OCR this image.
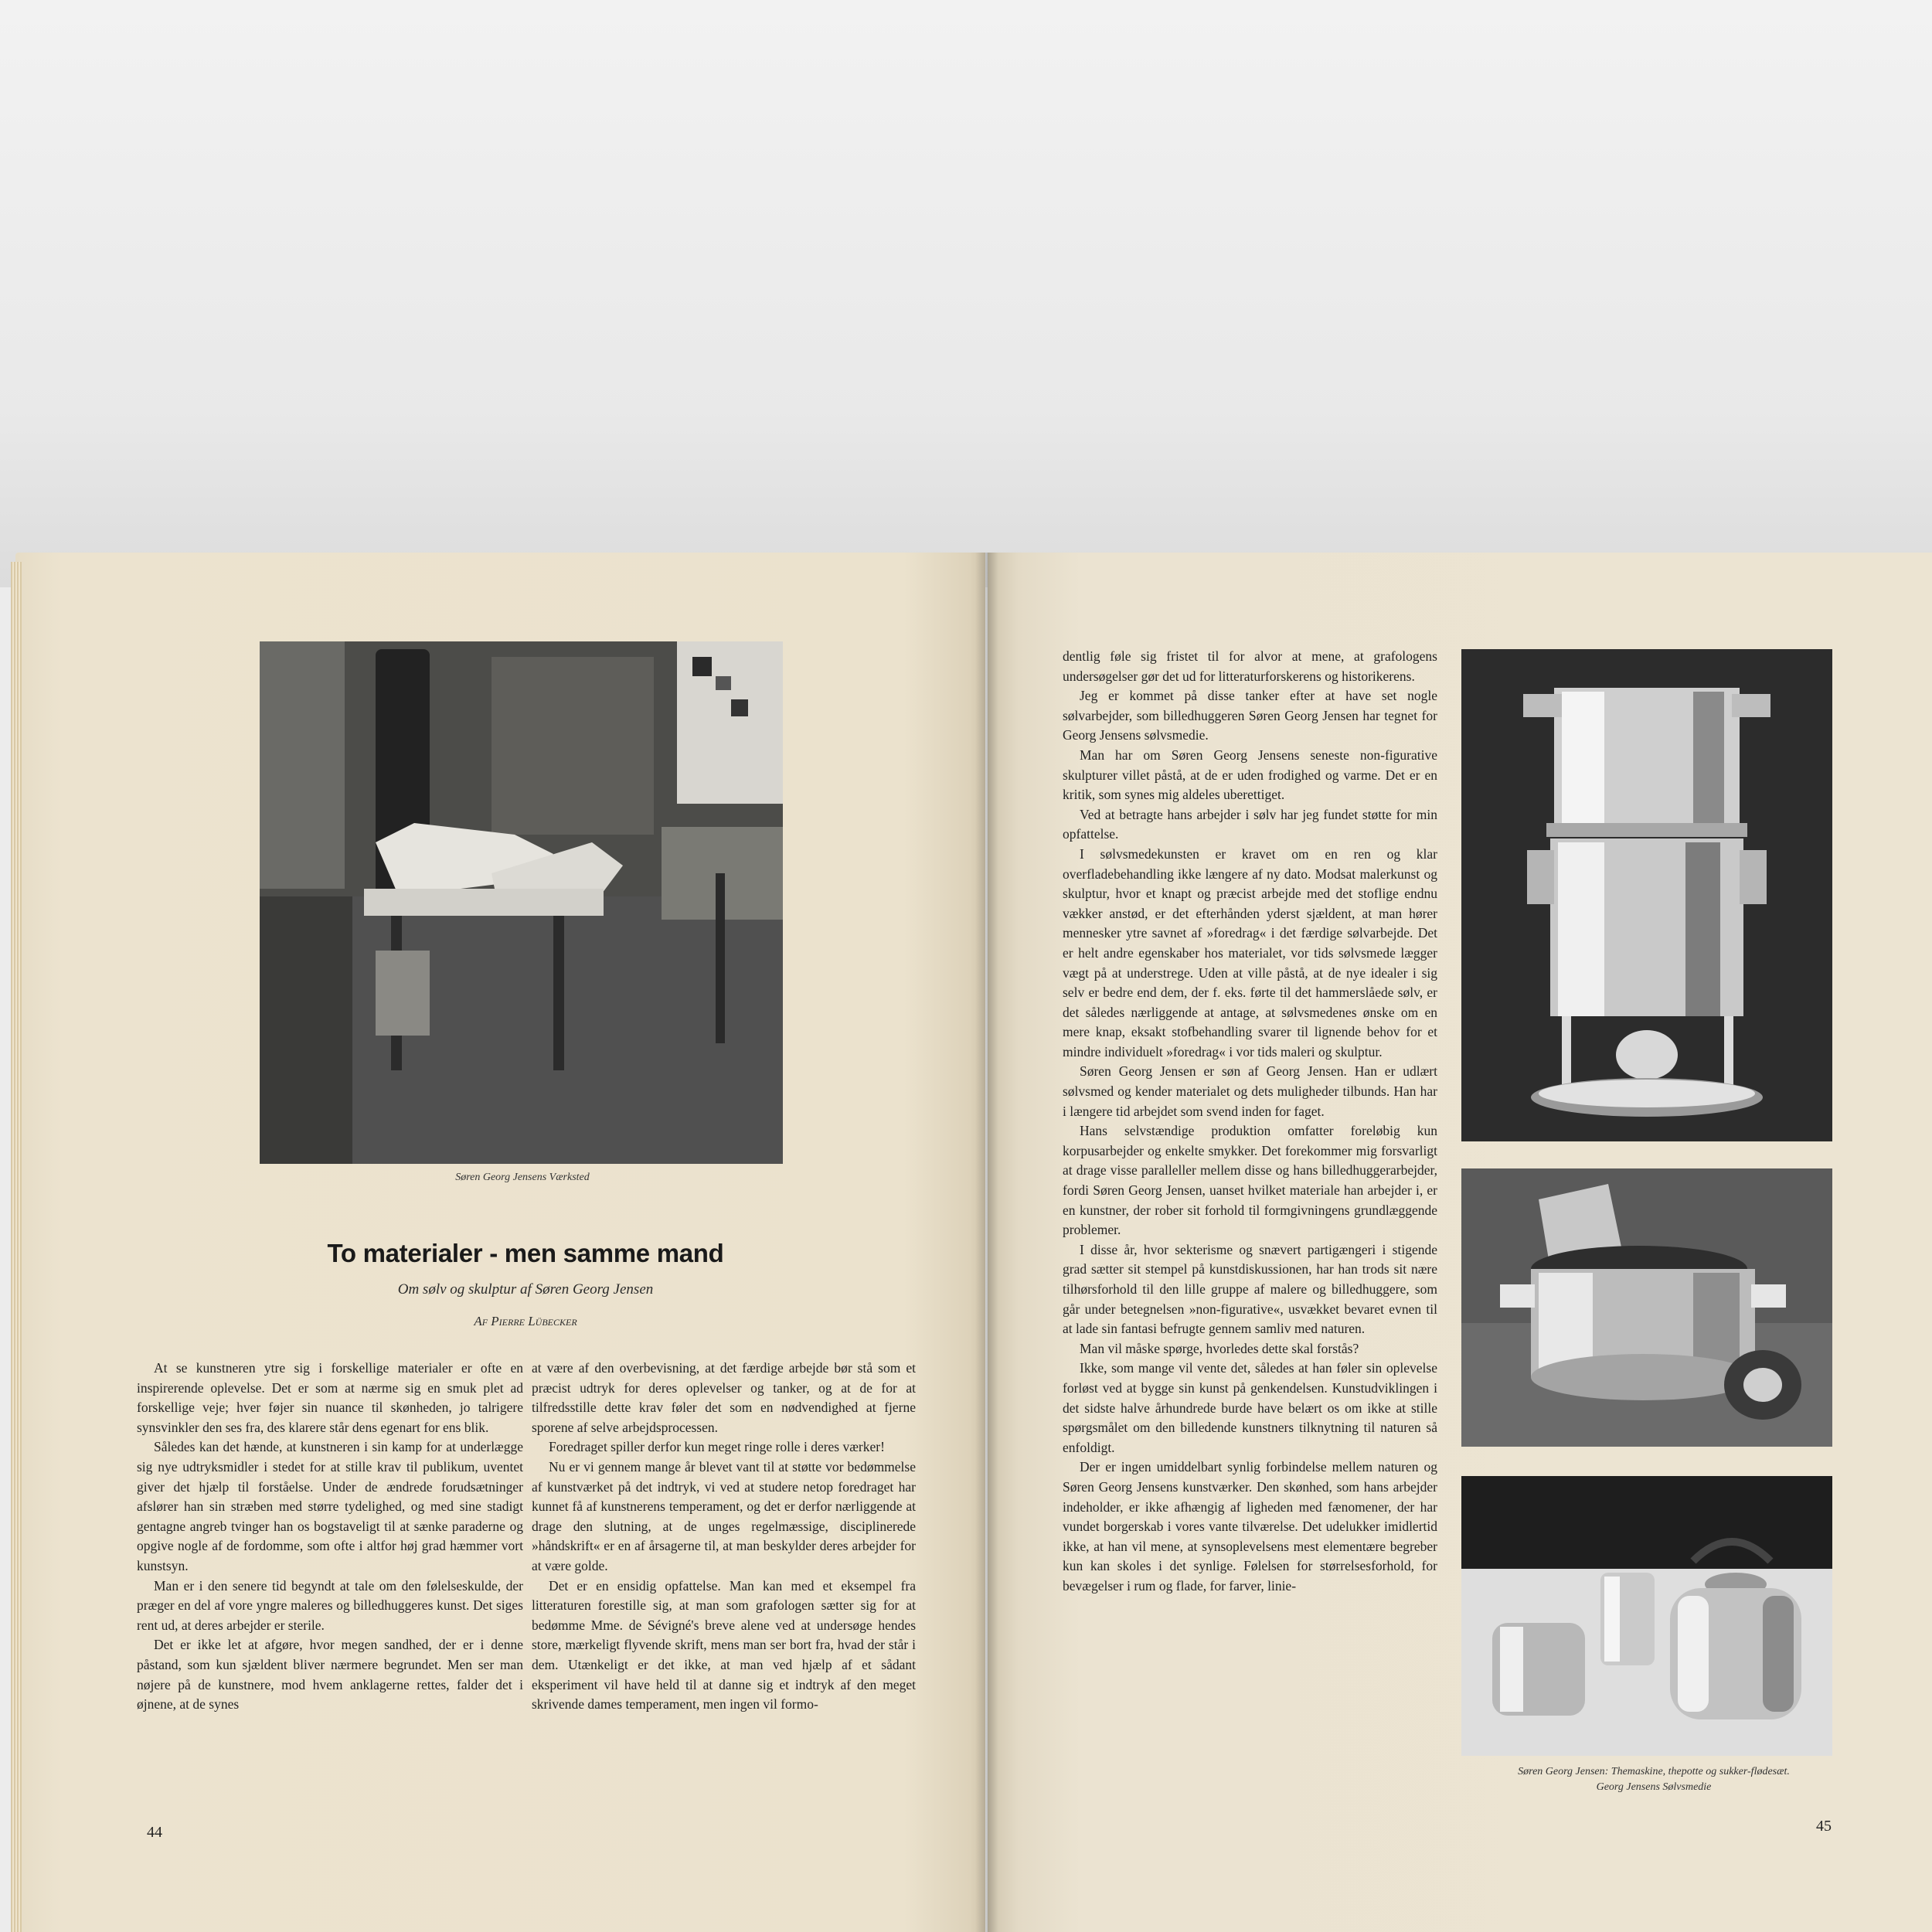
Søren Georg Jensens Værksted
To materialer - men samme mand
Om sølv og skulptur af Søren Georg Jensen
Af Pierre Lübecker

At se kunstneren ytre sig i forskellige materialer er ofte en inspirerende oplevelse. Det er som at nærme sig en smuk plet ad forskellige veje; hver føjer sin nuance til skønheden, jo talrigere synsvinkler den ses fra, des klarere står dens egenart for ens blik.

Således kan det hænde, at kunstneren i sin kamp for at underlægge sig nye udtryksmidler i stedet for at stille krav til publikum, uventet giver det hjælp til forståelse. Under de ændrede forudsætninger afslører han sin stræben med større tydelighed, og med sine stadigt gentagne angreb tvinger han os bogstaveligt til at sænke paraderne og opgive nogle af de fordomme, som ofte i altfor høj grad hæmmer vort kunstsyn.

Man er i den senere tid begyndt at tale om den følelseskulde, der præger en del af vore yngre maleres og billedhuggeres kunst. Det siges rent ud, at deres arbejder er sterile.

Det er ikke let at afgøre, hvor megen sandhed, der er i denne påstand, som kun sjældent bliver nærmere begrundet. Men ser man nøjere på de kunstnere, mod hvem anklagerne rettes, falder det i øjnene, at de synes

at være af den overbevisning, at det færdige arbejde bør stå som et præcist udtryk for deres oplevelser og tanker, og at de for at tilfredsstille dette krav føler det som en nødvendighed at fjerne sporene af selve arbejdsprocessen.

Foredraget spiller derfor kun meget ringe rolle i deres værker!

Nu er vi gennem mange år blevet vant til at støtte vor bedømmelse af kunstværket på det indtryk, vi ved at studere netop foredraget har kunnet få af kunstnerens temperament, og det er derfor nærliggende at drage den slutning, at de unges regelmæssige, disciplinerede »håndskrift« er en af årsagerne til, at man beskylder deres arbejder for at være golde.

Det er en ensidig opfattelse. Man kan med et eksempel fra litteraturen forestille sig, at man som grafologen sætter sig for at bedømme Mme. de Sévigné's breve alene ved at undersøge hendes store, mærkeligt flyvende skrift, mens man ser bort fra, hvad der står i dem. Utænkeligt er det ikke, at man ved hjælp af et sådant eksperiment vil have held til at danne sig et indtryk af den meget skrivende dames temperament, men ingen vil formo-

44

dentlig føle sig fristet til for alvor at mene, at grafologens undersøgelser gør det ud for litteraturforskerens og historikerens.

Jeg er kommet på disse tanker efter at have set nogle sølvarbejder, som billedhuggeren Søren Georg Jensen har tegnet for Georg Jensens sølvsmedie.

Man har om Søren Georg Jensens seneste non-figurative skulpturer villet påstå, at de er uden frodighed og varme. Det er en kritik, som synes mig aldeles uberettiget.

Ved at betragte hans arbejder i sølv har jeg fundet støtte for min opfattelse.

I sølvsmedekunsten er kravet om en ren og klar overfladebehandling ikke længere af ny dato. Modsat malerkunst og skulptur, hvor et knapt og præcist arbejde med det stoflige endnu vækker anstød, er det efterhånden yderst sjældent, at man hører mennesker ytre savnet af »foredrag« i det færdige sølvarbejde. Det er helt andre egenskaber hos materialet, vor tids sølvsmede lægger vægt på at understrege. Uden at ville påstå, at de nye idealer i sig selv er bedre end dem, der f. eks. førte til det hammerslåede sølv, er det således nærliggende at antage, at sølvsmedenes ønske om en mere knap, eksakt stofbehandling svarer til lignende behov for et mindre individuelt »foredrag« i vor tids maleri og skulptur.

Søren Georg Jensen er søn af Georg Jensen. Han er udlært sølvsmed og kender materialet og dets muligheder tilbunds. Han har i længere tid arbejdet som svend inden for faget.

Hans selvstændige produktion omfatter foreløbig kun korpusarbejder og enkelte smykker. Det forekommer mig forsvarligt at drage visse paralleller mellem disse og hans billedhuggerarbejder, fordi Søren Georg Jensen, uanset hvilket materiale han arbejder i, er en kunstner, der rober sit forhold til formgivningens grundlæggende problemer.

I disse år, hvor sekterisme og snævert partigængeri i stigende grad sætter sit stempel på kunstdiskussionen, har han trods sit nære tilhørsforhold til den lille gruppe af malere og billedhuggere, som går under betegnelsen »non-figurative«, usvækket bevaret evnen til at lade sin fantasi befrugte gennem samliv med naturen.

Man vil måske spørge, hvorledes dette skal forstås?

Ikke, som mange vil vente det, således at han føler sin oplevelse forløst ved at bygge sin kunst på genkendelsen. Kunstudviklingen i det sidste halve århundrede burde have belært os om ikke at stille spørgsmålet om den billedende kunstners tilknytning til naturen så enfoldigt.

Der er ingen umiddelbart synlig forbindelse mellem naturen og Søren Georg Jensens kunstværker. Den skønhed, som hans arbejder indeholder, er ikke afhængig af ligheden med fænomener, der har vundet borgerskab i vores vante tilværelse. Det udelukker imidlertid ikke, at han vil mene, at synsoplevelsens mest elementære begreber kun kan skoles i det synlige. Følelsen for størrelsesforhold, for bevægelser i rum og flade, for farver, linie-

Søren Georg Jensen: Themaskine, thepotte og sukker-flødesæt.
Georg Jensens Sølvsmedie
45
